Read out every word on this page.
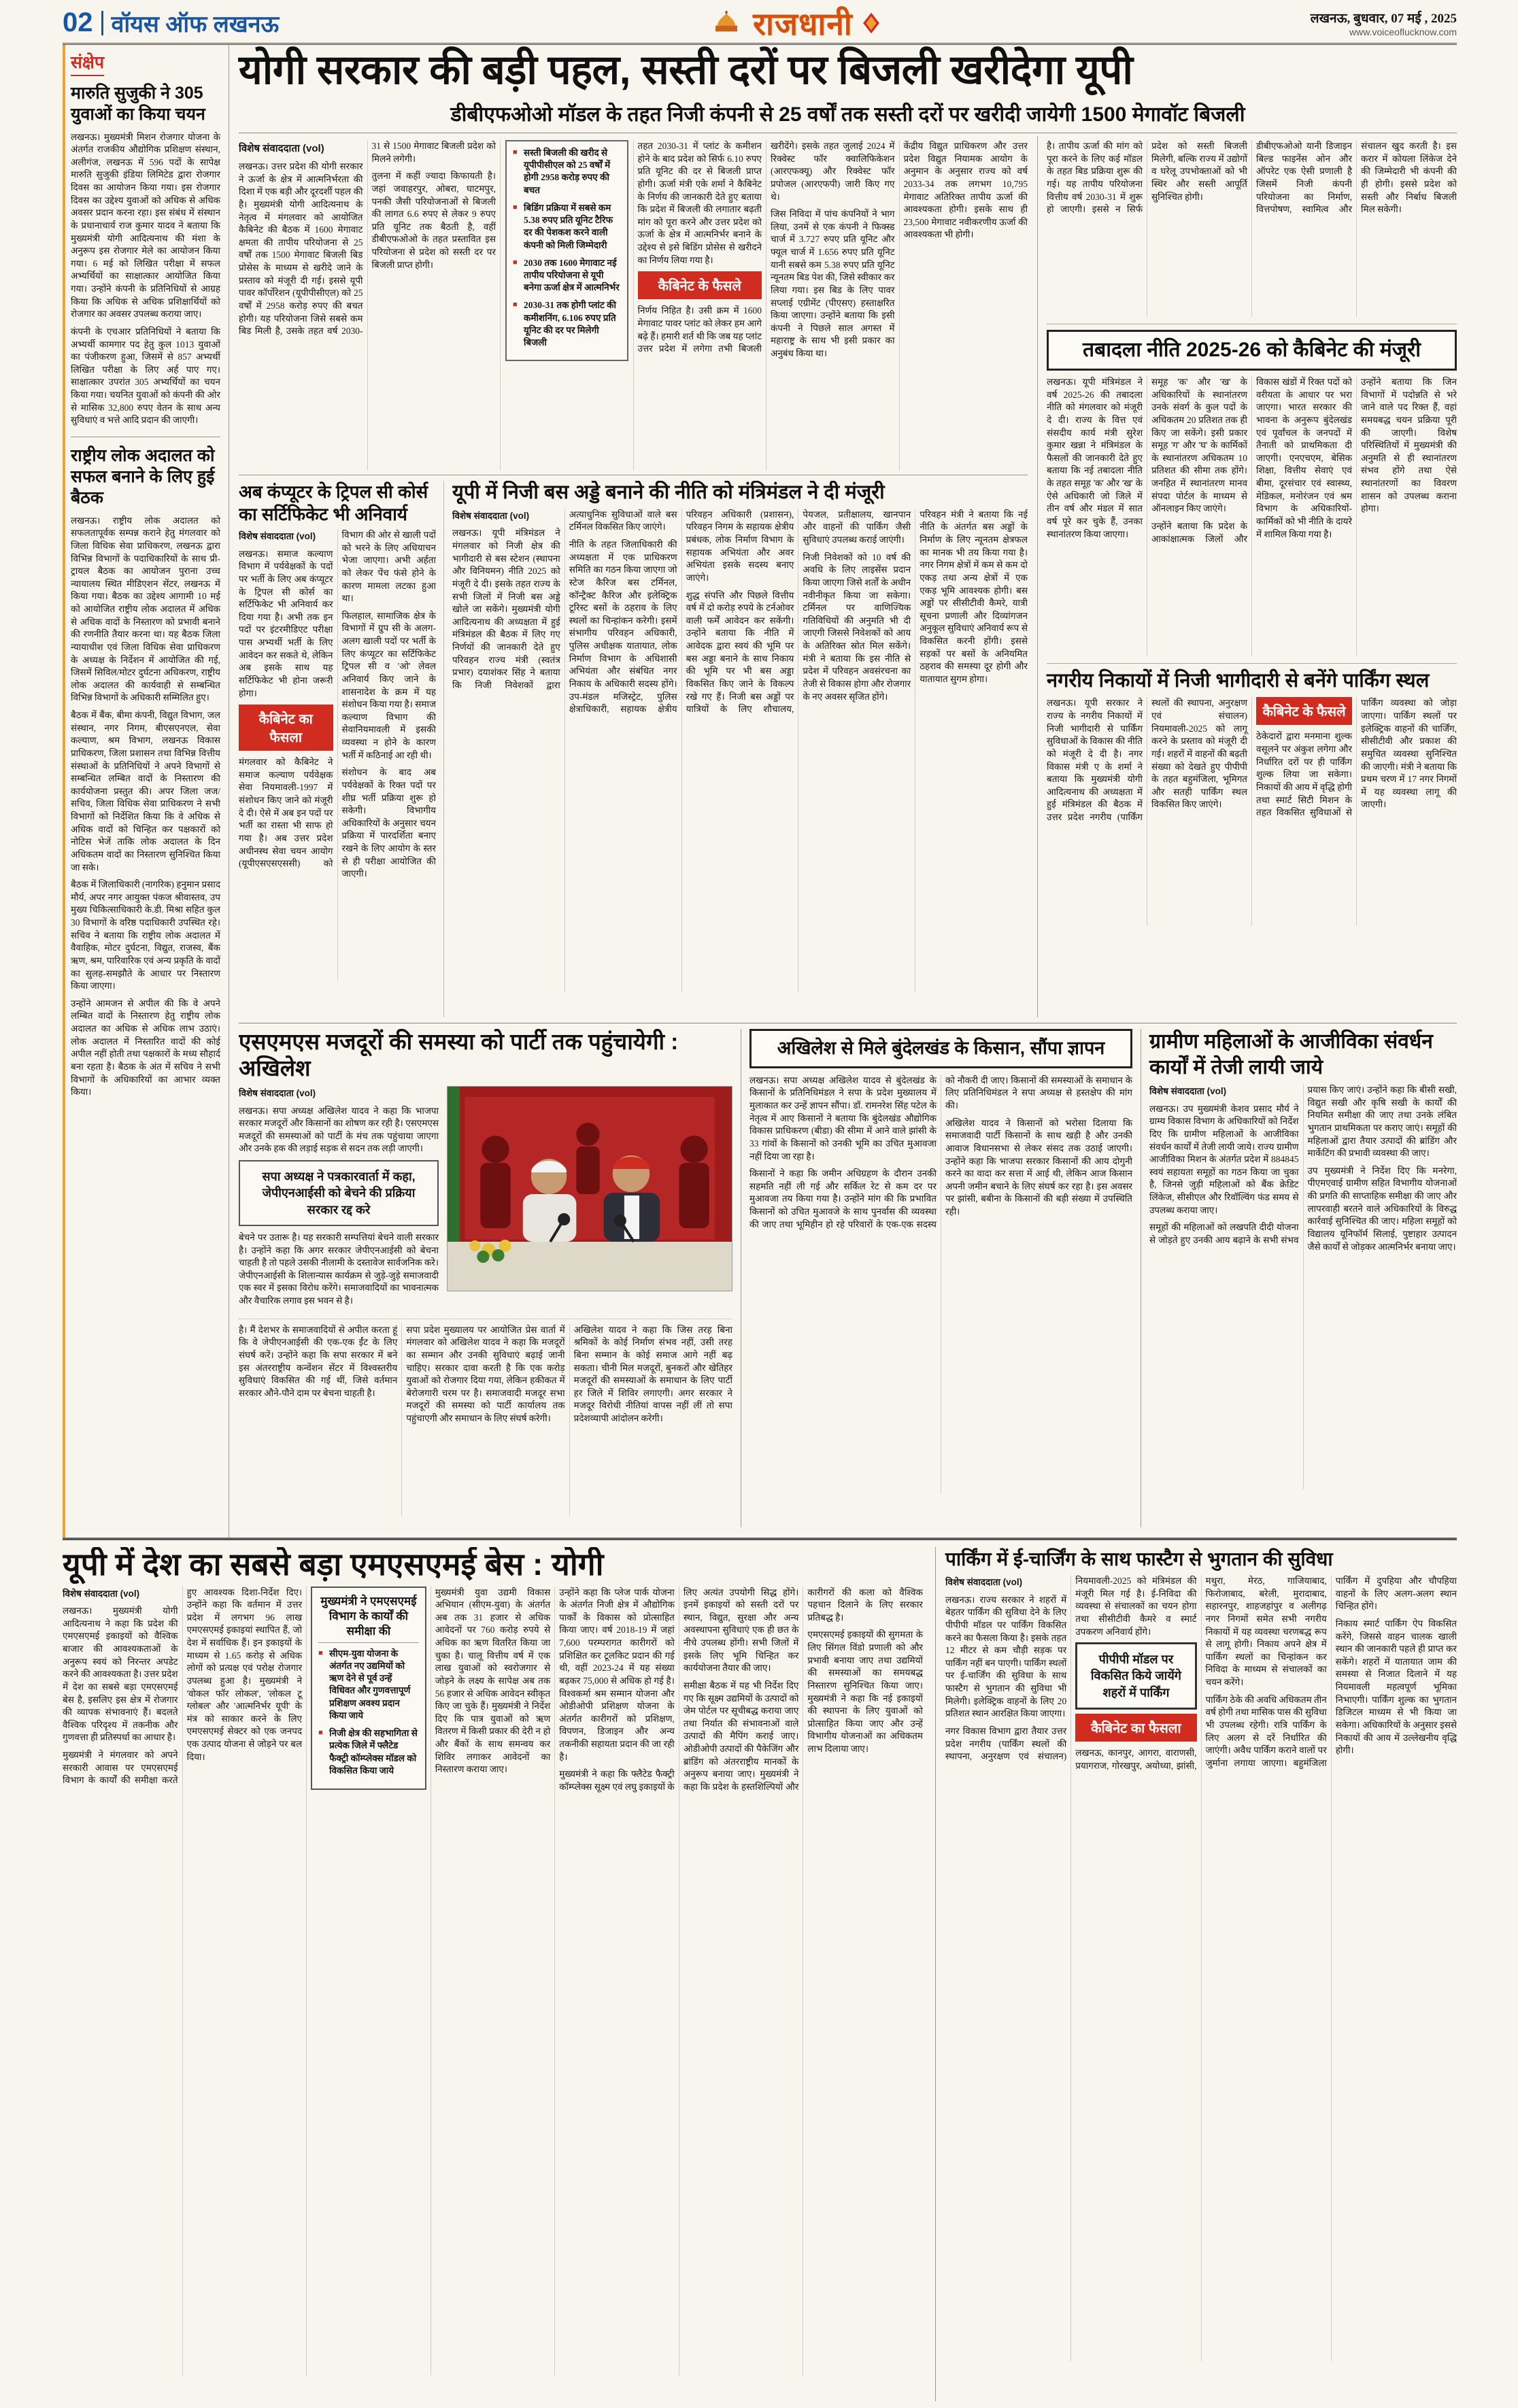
02 वॉयस ऑफ लखनऊ	राजधानी	लखनऊ, बुधवार, 07 मई , 2025
www.voiceoflucknow.com
संक्षेप
मारुति सुजुकी ने 305 युवाओं का किया चयन

लखनऊ। मुख्यमंत्री मिशन रोजगार योजना के अंतर्गत राजकीय औद्योगिक प्रशिक्षण संस्थान, अलीगंज, लखनऊ में 596 पदों के सापेक्ष मारुति सुजुकी इंडिया लिमिटेड द्वारा रोजगार दिवस का आयोजन किया गया। इस रोजगार दिवस का उद्देश्य युवाओं को अधिक से अधिक अवसर प्रदान करना रहा। इस संबंध में संस्थान के प्रधानाचार्य राज कुमार यादव ने बताया कि मुख्यमंत्री योगी आदित्यनाथ की मंशा के अनुरूप इस रोजगार मेले का आयोजन किया गया। 6 मई को लिखित परीक्षा में सफल अभ्यर्थियों का साक्षात्कार आयोजित किया गया। उन्होंने कंपनी के प्रतिनिधियों से आग्रह किया कि अधिक से अधिक प्रशिक्षार्थियों को रोजगार का अवसर उपलब्ध कराया जाए।

कंपनी के एचआर प्रतिनिधियों ने बताया कि अभ्यर्थी कामगार पद हेतु कुल 1013 युवाओं का पंजीकरण हुआ, जिसमें से 857 अभ्यर्थी लिखित परीक्षा के लिए अर्ह पाए गए। साक्षात्कार उपरांत 305 अभ्यर्थियों का चयन किया गया। चयनित युवाओं को कंपनी की ओर से मासिक 32,800 रुपए वेतन के साथ अन्य सुविधाएं व भत्ते आदि प्रदान की जाएगी।

राष्ट्रीय लोक अदालत को सफल बनाने के लिए हुई बैठक

लखनऊ। राष्ट्रीय लोक अदालत को सफलतापूर्वक सम्पन्न कराने हेतु मंगलवार को जिला विधिक सेवा प्राधिकरण, लखनऊ द्वारा विभिन्न विभागों के पदाधिकारियों के साथ प्री-ट्रायल बैठक का आयोजन पुराना उच्च न्यायालय स्थित मीडिएशन सेंटर, लखनऊ में किया गया। बैठक का उद्देश्य आगामी 10 मई को आयोजित राष्ट्रीय लोक अदालत में अधिक से अधिक वादों के निस्तारण को प्रभावी बनाने की रणनीति तैयार करना था। यह बैठक जिला न्यायाधीश एवं जिला विधिक सेवा प्राधिकरण के अध्यक्ष के निर्देशन में आयोजित की गई, जिसमें सिविल/मोटर दुर्घटना अधिकरण, राष्ट्रीय लोक अदालत की कार्यवाही से सम्बन्धित विभिन्न विभागों के अधिकारी सम्मिलित हुए।

बैठक में बैंक, बीमा कंपनी, विद्युत विभाग, जल संस्थान, नगर निगम, बीएसएनएल, सेवा कल्याण, श्रम विभाग, लखनऊ विकास प्राधिकरण, जिला प्रशासन तथा विभिन्न वित्तीय संस्थाओं के प्रतिनिधियों ने अपने विभागों से सम्बन्धित लम्बित वादों के निस्तारण की कार्ययोजना प्रस्तुत की। अपर जिला जज/सचिव, जिला विधिक सेवा प्राधिकरण ने सभी विभागों को निर्देशित किया कि वे अधिक से अधिक वादों को चिन्हित कर पक्षकारों को नोटिस भेजें ताकि लोक अदालत के दिन अधिकतम वादों का निस्तारण सुनिश्चित किया जा सके।

बैठक में जिलाधिकारी (नागरिक) हनुमान प्रसाद मौर्य, अपर नगर आयुक्त पंकज श्रीवास्तव, उप मुख्य चिकित्साधिकारी के.डी. मिश्रा सहित कुल 30 विभागों के वरिष्ठ पदाधिकारी उपस्थित रहे। सचिव ने बताया कि राष्ट्रीय लोक अदालत में वैवाहिक, मोटर दुर्घटना, विद्युत, राजस्व, बैंक ऋण, श्रम, पारिवारिक एवं अन्य प्रकृति के वादों का सुलह-समझौते के आधार पर निस्तारण किया जाएगा।

उन्होंने आमजन से अपील की कि वे अपने लम्बित वादों के निस्तारण हेतु राष्ट्रीय लोक अदालत का अधिक से अधिक लाभ उठाएं। लोक अदालत में निस्तारित वादों की कोई अपील नहीं होती तथा पक्षकारों के मध्य सौहार्द बना रहता है। बैठक के अंत में सचिव ने सभी विभागों के अधिकारियों का आभार व्यक्त किया।

योगी सरकार की बड़ी पहल, सस्ती दरों पर बिजली खरीदेगा यूपी
डीबीएफओओ मॉडल के तहत निजी कंपनी से 25 वर्षों तक सस्ती दरों पर खरीदी जायेगी 1500 मेगावॉट बिजली

विशेष संवाददाता (vol)

लखनऊ। उत्तर प्रदेश की योगी सरकार ने ऊर्जा के क्षेत्र में आत्मनिर्भरता की दिशा में एक बड़ी और दूरदर्शी पहल की है। मुख्यमंत्री योगी आदित्यनाथ के नेतृत्व में मंगलवार को आयोजित कैबिनेट की बैठक में 1600 मेगावाट क्षमता की तापीय परियोजना से 25 वर्षों तक 1500 मेगावाट बिजली बिड प्रोसेस के माध्यम से खरीदे जाने के प्रस्ताव को मंजूरी दी गई। इससे यूपी पावर कॉर्पोरेशन (यूपीपीसीएल) को 25 वर्षों में 2958 करोड़ रुपए की बचत होगी। यह परियोजना जिसे सबसे कम बिड मिली है, उसके तहत वर्ष 2030-31 से 1500 मेगावाट बिजली प्रदेश को मिलने लगेगी।

तुलना में कहीं ज्यादा किफायती है। जहां जवाहरपुर, ओबरा, घाटमपुर, पनकी जैसी परियोजनाओं से बिजली की लागत 6.6 रुपए से लेकर 9 रुपए प्रति यूनिट तक बैठती है, वहीं डीबीएफओओ के तहत प्रस्तावित इस परियोजना से प्रदेश को सस्ती दर पर बिजली प्राप्त होगी।

■ सस्ती बिजली की खरीद से यूपीपीसीएल को 25 वर्षों में होगी 2958 करोड़ रुपए की बचत

■ बिडिंग प्रक्रिया में सबसे कम 5.38 रुपए प्रति यूनिट टैरिफ दर की पेशकश करने वाली कंपनी को मिली जिम्मेदारी

■ 2030 तक 1600 मेगावाट नई तापीय परियोजना से यूपी बनेगा ऊर्जा क्षेत्र में आत्मनिर्भर

■ 2030-31 तक होगी प्लांट की कमीशनिंग, 6.106 रुपए प्रति यूनिट की दर पर मिलेगी बिजली

तहत 2030-31 में प्लांट के कमीशन होने के बाद प्रदेश को सिर्फ 6.10 रुपए प्रति यूनिट की दर से बिजली प्राप्त होगी। ऊर्जा मंत्री एके शर्मा ने कैबिनेट के निर्णय की जानकारी देते हुए बताया कि प्रदेश में बिजली की लगातार बढ़ती मांग को पूरा करने और उत्तर प्रदेश को ऊर्जा के क्षेत्र में आत्मनिर्भर बनाने के उद्देश्य से इसे बिडिंग प्रोसेस से खरीदने का निर्णय लिया गया है।

कैबिनेट के फैसले

निर्णय निहित है। उसी क्रम में 1600 मेगावाट पावर प्लांट को लेकर हम आगे बढ़े हैं। हमारी शर्त थी कि जब यह प्लांट उत्तर प्रदेश में लगेगा तभी बिजली खरीदेंगे। इसके तहत जुलाई 2024 में रिक्वेस्ट फॉर क्वालिफिकेशन (आरएफक्यू) और रिक्वेस्ट फॉर प्रपोजल (आरएफपी) जारी किए गए थे।

जिस निविदा में पांच कंपनियों ने भाग लिया, उनमें से एक कंपनी ने फिक्स्ड चार्ज में 3.727 रुपए प्रति यूनिट और फ्यूल चार्ज में 1.656 रुपए प्रति यूनिट यानी सबसे कम 5.38 रुपए प्रति यूनिट न्यूनतम बिड पेश की, जिसे स्वीकार कर लिया गया। इस बिड के लिए पावर सप्लाई एग्रीमेंट (पीएसए) हस्ताक्षरित किया जाएगा। उन्होंने बताया कि इसी कंपनी ने पिछले साल अगस्त में महाराष्ट्र के साथ भी इसी प्रकार का अनुबंध किया था।

केंद्रीय विद्युत प्राधिकरण और उत्तर प्रदेश विद्युत नियामक आयोग के अनुमान के अनुसार राज्य को वर्ष 2033-34 तक लगभग 10,795 मेगावाट अतिरिक्त तापीय ऊर्जा की आवश्यकता होगी। इसके साथ ही 23,500 मेगावाट नवीकरणीय ऊर्जा की आवश्यकता भी होगी।

अब कंप्यूटर के ट्रिपल सी कोर्स का सर्टिफिकेट भी अनिवार्य

विशेष संवाददाता (vol)

लखनऊ। समाज कल्याण विभाग में पर्यवेक्षकों के पदों पर भर्ती के लिए अब कंप्यूटर के ट्रिपल सी कोर्स का सर्टिफिकेट भी अनिवार्य कर दिया गया है। अभी तक इन पदों पर इंटरमीडिएट परीक्षा पास अभ्यर्थी भर्ती के लिए आवेदन कर सकते थे, लेकिन अब इसके साथ यह सर्टिफिकेट भी होना जरूरी होगा।

कैबिनेट का फैसला

मंगलवार को कैबिनेट ने समाज कल्याण पर्यवेक्षक सेवा नियमावली-1997 में संशोधन किए जाने को मंजूरी दे दी। ऐसे में अब इन पदों पर भर्ती का रास्ता भी साफ हो गया है। अब उत्तर प्रदेश अधीनस्थ सेवा चयन आयोग (यूपीएसएसएससी) को विभाग की ओर से खाली पदों को भरने के लिए अधियाचन भेजा जाएगा। अभी अर्हता को लेकर पेंच फंसे होने के कारण मामला लटका हुआ था।

फिलहाल, सामाजिक क्षेत्र के विभागों में ग्रुप सी के अलग-अलग खाली पदों पर भर्ती के लिए कंप्यूटर का सर्टिफिकेट ट्रिपल सी व 'ओ' लेवल अनिवार्य किए जाने के शासनादेश के क्रम में यह संशोधन किया गया है। समाज कल्याण विभाग की सेवानियमावली में इसकी व्यवस्था न होने के कारण भर्ती में कठिनाई आ रही थी।

संशोधन के बाद अब पर्यवेक्षकों के रिक्त पदों पर शीघ्र भर्ती प्रक्रिया शुरू हो सकेगी। विभागीय अधिकारियों के अनुसार चयन प्रक्रिया में पारदर्शिता बनाए रखने के लिए आयोग के स्तर से ही परीक्षा आयोजित की जाएगी।

यूपी में निजी बस अड्डे बनाने की नीति को मंत्रिमंडल ने दी मंजूरी

विशेष संवाददाता (vol)

लखनऊ। यूपी मंत्रिमंडल ने मंगलवार को निजी क्षेत्र की भागीदारी से बस स्टेशन (स्थापना और विनियमन) नीति 2025 को मंजूरी दे दी। इसके तहत राज्य के सभी जिलों में निजी बस अड्डे खोले जा सकेंगे। मुख्यमंत्री योगी आदित्यनाथ की अध्यक्षता में हुई मंत्रिमंडल की बैठक में लिए गए निर्णयों की जानकारी देते हुए परिवहन राज्य मंत्री (स्वतंत्र प्रभार) दयाशंकर सिंह ने बताया कि निजी निवेशकों द्वारा अत्याधुनिक सुविधाओं वाले बस टर्मिनल विकसित किए जाएंगे।

नीति के तहत जिलाधिकारी की अध्यक्षता में एक प्राधिकरण समिति का गठन किया जाएगा जो स्टेज कैरिज बस टर्मिनल, कॉन्ट्रैक्ट कैरिज और इलेक्ट्रिक टूरिस्ट बसों के ठहराव के लिए स्थलों का चिन्हांकन करेगी। इसमें संभागीय परिवहन अधिकारी, पुलिस अधीक्षक यातायात, लोक निर्माण विभाग के अधिशासी अभियंता और संबंधित नगर निकाय के अधिकारी सदस्य होंगे। उप-मंडल मजिस्ट्रेट, पुलिस क्षेत्राधिकारी, सहायक क्षेत्रीय परिवहन अधिकारी (प्रशासन), परिवहन निगम के सहायक क्षेत्रीय प्रबंधक, लोक निर्माण विभाग के सहायक अभियंता और अवर अभियंता इसके सदस्य बनाए जाएंगे।

शुद्ध संपत्ति और पिछले वित्तीय वर्ष में दो करोड़ रुपये के टर्नओवर वाली फर्में आवेदन कर सकेंगी। उन्होंने बताया कि नीति में आवेदक द्वारा स्वयं की भूमि पर बस अड्डा बनाने के साथ निकाय की भूमि पर भी बस अड्डा विकसित किए जाने के विकल्प रखे गए हैं। निजी बस अड्डों पर यात्रियों के लिए शौचालय, पेयजल, प्रतीक्षालय, खानपान और वाहनों की पार्किंग जैसी सुविधाएं उपलब्ध कराई जाएंगी।

निजी निवेशकों को 10 वर्ष की अवधि के लिए लाइसेंस प्रदान किया जाएगा जिसे शर्तों के अधीन नवीनीकृत किया जा सकेगा। टर्मिनल पर वाणिज्यिक गतिविधियों की अनुमति भी दी जाएगी जिससे निवेशकों को आय के अतिरिक्त स्रोत मिल सकेंगे। मंत्री ने बताया कि इस नीति से प्रदेश में परिवहन अवसंरचना का तेजी से विकास होगा और रोजगार के नए अवसर सृजित होंगे।

परिवहन मंत्री ने बताया कि नई नीति के अंतर्गत बस अड्डों के निर्माण के लिए न्यूनतम क्षेत्रफल का मानक भी तय किया गया है। नगर निगम क्षेत्रों में कम से कम दो एकड़ तथा अन्य क्षेत्रों में एक एकड़ भूमि आवश्यक होगी। बस अड्डों पर सीसीटीवी कैमरे, यात्री सूचना प्रणाली और दिव्यांगजन अनुकूल सुविधाएं अनिवार्य रूप से विकसित करनी होंगी। इससे सड़कों पर बसों के अनियमित ठहराव की समस्या दूर होगी और यातायात सुगम होगा।

है। तापीय ऊर्जा की मांग को पूरा करने के लिए कई मॉडल के तहत बिड प्रक्रिया शुरू की गई। यह तापीय परियोजना वित्तीय वर्ष 2030-31 में शुरू हो जाएगी। इससे न सिर्फ प्रदेश को सस्ती बिजली मिलेगी, बल्कि राज्य में उद्योगों व घरेलू उपभोक्ताओं को भी स्थिर और सस्ती आपूर्ति सुनिश्चित होगी।

डीबीएफओओ यानी डिजाइन बिल्ड फाइनेंस ओन और ऑपरेट एक ऐसी प्रणाली है जिसमें निजी कंपनी परियोजना का निर्माण, वित्तपोषण, स्वामित्व और संचालन खुद करती है। इस करार में कोयला लिंकेज देने की जिम्मेदारी भी कंपनी की ही होगी। इससे प्रदेश को सस्ती और निर्बाध बिजली मिल सकेगी।

तबादला नीति 2025-26 को कैबिनेट की मंजूरी

लखनऊ। यूपी मंत्रिमंडल ने वर्ष 2025-26 की तबादला नीति को मंगलवार को मंजूरी दे दी। राज्य के वित्त एवं संसदीय कार्य मंत्री सुरेश कुमार खन्ना ने मंत्रिमंडल के फैसलों की जानकारी देते हुए बताया कि नई तबादला नीति के तहत समूह 'क' और 'ख' के ऐसे अधिकारी जो जिले में तीन वर्ष और मंडल में सात वर्ष पूरे कर चुके हैं, उनका स्थानांतरण किया जाएगा।

समूह 'क' और 'ख' के अधिकारियों के स्थानांतरण उनके संवर्ग के कुल पदों के अधिकतम 20 प्रतिशत तक ही किए जा सकेंगे। इसी प्रकार समूह 'ग' और 'घ' के कार्मिकों के स्थानांतरण अधिकतम 10 प्रतिशत की सीमा तक होंगे। जनहित में स्थानांतरण मानव संपदा पोर्टल के माध्यम से ऑनलाइन किए जाएंगे।

उन्होंने बताया कि प्रदेश के आकांक्षात्मक जिलों और विकास खंडों में रिक्त पदों को वरीयता के आधार पर भरा जाएगा। भारत सरकार की भावना के अनुरूप बुंदेलखंड एवं पूर्वांचल के जनपदों में तैनाती को प्राथमिकता दी जाएगी। एनएचएम, बेसिक शिक्षा, वित्तीय सेवाएं एवं बीमा, दूरसंचार एवं स्वास्थ्य, मेडिकल, मनोरंजन एवं श्रम विभाग के अधिकारियों-कार्मिकों को भी नीति के दायरे में शामिल किया गया है।

उन्होंने बताया कि जिन विभागों में पदोन्नति से भरे जाने वाले पद रिक्त हैं, वहां समयबद्ध चयन प्रक्रिया पूरी की जाएगी। विशेष परिस्थितियों में मुख्यमंत्री की अनुमति से ही स्थानांतरण संभव होंगे तथा ऐसे स्थानांतरणों का विवरण शासन को उपलब्ध कराना होगा।

नगरीय निकायों में निजी भागीदारी से बनेंगे पार्किंग स्थल

लखनऊ। यूपी सरकार ने राज्य के नगरीय निकायों में निजी भागीदारी से पार्किंग सुविधाओं के विकास की नीति को मंजूरी दे दी है। नगर विकास मंत्री ए के शर्मा ने बताया कि मुख्यमंत्री योगी आदित्यनाथ की अध्यक्षता में हुई मंत्रिमंडल की बैठक में उत्तर प्रदेश नगरीय (पार्किंग स्थलों की स्थापना, अनुरक्षण एवं संचालन) नियमावली-2025 को लागू करने के प्रस्ताव को मंजूरी दी गई। शहरों में वाहनों की बढ़ती संख्या को देखते हुए पीपीपी के तहत बहुमंजिला, भूमिगत और सतही पार्किंग स्थल विकसित किए जाएंगे।

कैबिनेट के फैसले

ठेकेदारों द्वारा मनमाना शुल्क वसूलने पर अंकुश लगेगा और निर्धारित दरों पर ही पार्किंग शुल्क लिया जा सकेगा। निकायों की आय में वृद्धि होगी तथा स्मार्ट सिटी मिशन के तहत विकसित सुविधाओं से पार्किंग व्यवस्था को जोड़ा जाएगा। पार्किंग स्थलों पर इलेक्ट्रिक वाहनों की चार्जिंग, सीसीटीवी और प्रकाश की समुचित व्यवस्था सुनिश्चित की जाएगी। मंत्री ने बताया कि प्रथम चरण में 17 नगर निगमों में यह व्यवस्था लागू की जाएगी।

एसएमएस मजदूरों की समस्या को पार्टी तक पहुंचायेगी : अखिलेश

विशेष संवाददाता (vol)

लखनऊ। सपा अध्यक्ष अखिलेश यादव ने कहा कि भाजपा सरकार मजदूरों और किसानों का शोषण कर रही है। एसएमएस मजदूरों की समस्याओं को पार्टी के मंच तक पहुंचाया जाएगा और उनके हक की लड़ाई सड़क से सदन तक लड़ी जाएगी।

सपा अध्यक्ष ने पत्रकारवार्ता में कहा, जेपीएनआईसी को बेचने की प्रक्रिया सरकार रद्द करे

बेचने पर उतारू है। यह सरकारी सम्पत्तियां बेचने वाली सरकार है। उन्होंने कहा कि अगर सरकार जेपीएनआईसी को बेचना चाहती है तो पहले उसकी नीलामी के दस्तावेज सार्वजनिक करे। जेपीएनआईसी के शिलान्यास कार्यक्रम से जुड़े-जुड़े समाजवादी एक स्वर में इसका विरोध करेंगे। समाजवादियों का भावनात्मक और वैचारिक लगाव इस भवन से है।

है। मैं देशभर के समाजवादियों से अपील करता हूं कि वे जेपीएनआईसी की एक-एक ईंट के लिए संघर्ष करें। उन्होंने कहा कि सपा सरकार में बने इस अंतरराष्ट्रीय कन्वेंशन सेंटर में विश्वस्तरीय सुविधाएं विकसित की गई थीं, जिसे वर्तमान सरकार औने-पौने दाम पर बेचना चाहती है।

सपा प्रदेश मुख्यालय पर आयोजित प्रेस वार्ता में मंगलवार को अखिलेश यादव ने कहा कि मजदूरों का सम्मान और उनकी सुविधाएं बढ़ाई जानी चाहिए। सरकार दावा करती है कि एक करोड़ युवाओं को रोजगार दिया गया, लेकिन हकीकत में बेरोजगारी चरम पर है। समाजवादी मजदूर सभा मजदूरों की समस्या को पार्टी कार्यालय तक पहुंचाएगी और समाधान के लिए संघर्ष करेगी।

अखिलेश यादव ने कहा कि जिस तरह बिना श्रमिकों के कोई निर्माण संभव नहीं, उसी तरह बिना सम्मान के कोई समाज आगे नहीं बढ़ सकता। चीनी मिल मजदूरों, बुनकरों और खेतिहर मजदूरों की समस्याओं के समाधान के लिए पार्टी हर जिले में शिविर लगाएगी। अगर सरकार ने मजदूर विरोधी नीतियां वापस नहीं लीं तो सपा प्रदेशव्यापी आंदोलन करेगी।

अखिलेश से मिले बुंदेलखंड के किसान, सौंपा ज्ञापन

लखनऊ। सपा अध्यक्ष अखिलेश यादव से बुंदेलखंड के किसानों के प्रतिनिधिमंडल ने सपा के प्रदेश मुख्यालय में मुलाकात कर उन्हें ज्ञापन सौंपा। डॉ. रामनरेश सिंह पटेल के नेतृत्व में आए किसानों ने बताया कि बुंदेलखंड औद्योगिक विकास प्राधिकरण (बीडा) की सीमा में आने वाले झांसी के 33 गांवों के किसानों को उनकी भूमि का उचित मुआवजा नहीं दिया जा रहा है।

किसानों ने कहा कि जमीन अधिग्रहण के दौरान उनकी सहमति नहीं ली गई और सर्किल रेट से कम दर पर मुआवजा तय किया गया है। उन्होंने मांग की कि प्रभावित किसानों को उचित मुआवजे के साथ पुनर्वास की व्यवस्था की जाए तथा भूमिहीन हो रहे परिवारों के एक-एक सदस्य को नौकरी दी जाए। किसानों की समस्याओं के समाधान के लिए प्रतिनिधिमंडल ने सपा अध्यक्ष से हस्तक्षेप की मांग की।

अखिलेश यादव ने किसानों को भरोसा दिलाया कि समाजवादी पार्टी किसानों के साथ खड़ी है और उनकी आवाज विधानसभा से लेकर संसद तक उठाई जाएगी। उन्होंने कहा कि भाजपा सरकार किसानों की आय दोगुनी करने का वादा कर सत्ता में आई थी, लेकिन आज किसान अपनी जमीन बचाने के लिए संघर्ष कर रहा है। इस अवसर पर झांसी, बबीना के किसानों की बड़ी संख्या में उपस्थिति रही।

ग्रामीण महिलाओं के आजीविका संवर्धन कार्यों में तेजी लायी जाये

विशेष संवाददाता (vol)

लखनऊ। उप मुख्यमंत्री केशव प्रसाद मौर्य ने ग्राम्य विकास विभाग के अधिकारियों को निर्देश दिए कि ग्रामीण महिलाओं के आजीविका संवर्धन कार्यों में तेजी लायी जाये। राज्य ग्रामीण आजीविका मिशन के अंतर्गत प्रदेश में 884845 स्वयं सहायता समूहों का गठन किया जा चुका है, जिनसे जुड़ी महिलाओं को बैंक क्रेडिट लिंकेज, सीसीएल और रिवॉल्विंग फंड समय से उपलब्ध कराया जाए।

समूहों की महिलाओं को लखपति दीदी योजना से जोड़ते हुए उनकी आय बढ़ाने के सभी संभव प्रयास किए जाएं। उन्होंने कहा कि बीसी सखी, विद्युत सखी और कृषि सखी के कार्यों की नियमित समीक्षा की जाए तथा उनके लंबित भुगतान प्राथमिकता पर कराए जाएं। समूहों की महिलाओं द्वारा तैयार उत्पादों की ब्रांडिंग और मार्केटिंग की प्रभावी व्यवस्था की जाए।

उप मुख्यमंत्री ने निर्देश दिए कि मनरेगा, पीएमएवाई ग्रामीण सहित विभागीय योजनाओं की प्रगति की साप्ताहिक समीक्षा की जाए और लापरवाही बरतने वाले अधिकारियों के विरुद्ध कार्रवाई सुनिश्चित की जाए। महिला समूहों को विद्यालय यूनिफॉर्म सिलाई, पुष्टाहार उत्पादन जैसे कार्यों से जोड़कर आत्मनिर्भर बनाया जाए।

यूपी में देश का सबसे बड़ा एमएसएमई बेस : योगी

विशेष संवाददाता (vol)

लखनऊ। मुख्यमंत्री योगी आदित्यनाथ ने कहा कि प्रदेश की एमएसएमई इकाइयों को वैश्विक बाजार की आवश्यकताओं के अनुरूप स्वयं को निरन्तर अपडेट करने की आवश्यकता है। उत्तर प्रदेश में देश का सबसे बड़ा एमएसएमई बेस है, इसलिए इस क्षेत्र में रोजगार की व्यापक संभावनाएं हैं। बदलते वैश्विक परिदृश्य में तकनीक और गुणवत्ता ही प्रतिस्पर्धा का आधार है।

मुख्यमंत्री ने मंगलवार को अपने सरकारी आवास पर एमएसएमई विभाग के कार्यों की समीक्षा करते हुए आवश्यक दिशा-निर्देश दिए। उन्होंने कहा कि वर्तमान में उत्तर प्रदेश में लगभग 96 लाख एमएसएमई इकाइयां स्थापित हैं, जो देश में सर्वाधिक हैं। इन इकाइयों के माध्यम से 1.65 करोड़ से अधिक लोगों को प्रत्यक्ष एवं परोक्ष रोजगार उपलब्ध हुआ है। मुख्यमंत्री ने 'वोकल फॉर लोकल', 'लोकल टू ग्लोबल' और 'आत्मनिर्भर यूपी' के मंत्र को साकार करने के लिए एमएसएमई सेक्टर को एक जनपद एक उत्पाद योजना से जोड़ने पर बल दिया।

मुख्यमंत्री ने एमएसएमई विभाग के कार्यों की समीक्षा की

■ सीएम-युवा योजना के अंतर्गत नए उद्यमियों को ऋण देने से पूर्व उन्हें विधिवत और गुणवत्तापूर्ण प्रशिक्षण अवश्य प्रदान किया जाये

■ निजी क्षेत्र की सहभागिता से प्रत्येक जिले में फ्लैटेड फैक्ट्री कॉम्प्लेक्स मॉडल को विकसित किया जाये

मुख्यमंत्री युवा उद्यमी विकास अभियान (सीएम-युवा) के अंतर्गत अब तक 31 हजार से अधिक आवेदनों पर 760 करोड़ रुपये से अधिक का ऋण वितरित किया जा चुका है। चालू वित्तीय वर्ष में एक लाख युवाओं को स्वरोजगार से जोड़ने के लक्ष्य के सापेक्ष अब तक 56 हजार से अधिक आवेदन स्वीकृत किए जा चुके हैं। मुख्यमंत्री ने निर्देश दिए कि पात्र युवाओं को ऋण वितरण में किसी प्रकार की देरी न हो और बैंकों के साथ समन्वय कर शिविर लगाकर आवेदनों का निस्तारण कराया जाए।

उन्होंने कहा कि प्लेज पार्क योजना के अंतर्गत निजी क्षेत्र में औद्योगिक पार्कों के विकास को प्रोत्साहित किया जाए। वर्ष 2018-19 में जहां 7,600 परम्परागत कारीगरों को प्रशिक्षित कर टूलकिट प्रदान की गई थी, वहीं 2023-24 में यह संख्या बढ़कर 75,000 से अधिक हो गई है। विश्वकर्मा श्रम सम्मान योजना और ओडीओपी प्रशिक्षण योजना के अंतर्गत कारीगरों को प्रशिक्षण, विपणन, डिजाइन और अन्य तकनीकी सहायता प्रदान की जा रही है।

मुख्यमंत्री ने कहा कि फ्लैटेड फैक्ट्री कॉम्प्लेक्स सूक्ष्म एवं लघु इकाइयों के लिए अत्यंत उपयोगी सिद्ध होंगे। इनमें इकाइयों को सस्ती दरों पर स्थान, विद्युत, सुरक्षा और अन्य अवस्थापना सुविधाएं एक ही छत के नीचे उपलब्ध होंगी। सभी जिलों में इसके लिए भूमि चिन्हित कर कार्ययोजना तैयार की जाए।

समीक्षा बैठक में यह भी निर्देश दिए गए कि सूक्ष्म उद्यमियों के उत्पादों को जेम पोर्टल पर सूचीबद्ध कराया जाए तथा निर्यात की संभावनाओं वाले उत्पादों की मैपिंग कराई जाए। ओडीओपी उत्पादों की पैकेजिंग और ब्रांडिंग को अंतरराष्ट्रीय मानकों के अनुरूप बनाया जाए। मुख्यमंत्री ने कहा कि प्रदेश के हस्तशिल्पियों और कारीगरों की कला को वैश्विक पहचान दिलाने के लिए सरकार प्रतिबद्ध है।

एमएसएमई इकाइयों की सुगमता के लिए सिंगल विंडो प्रणाली को और प्रभावी बनाया जाए तथा उद्यमियों की समस्याओं का समयबद्ध निस्तारण सुनिश्चित किया जाए। मुख्यमंत्री ने कहा कि नई इकाइयों की स्थापना के लिए युवाओं को प्रोत्साहित किया जाए और उन्हें विभागीय योजनाओं का अधिकतम लाभ दिलाया जाए।

पार्किंग में ई-चार्जिंग के साथ फास्टैग से भुगतान की सुविधा

विशेष संवाददाता (vol)

लखनऊ। राज्य सरकार ने शहरों में बेहतर पार्किंग की सुविधा देने के लिए पीपीपी मॉडल पर पार्किंग विकसित करने का फैसला किया है। इसके तहत 12 मीटर से कम चौड़ी सड़क पर पार्किंग नहीं बन पाएगी। पार्किंग स्थलों पर ई-चार्जिंग की सुविधा के साथ फास्टैग से भुगतान की सुविधा भी मिलेगी। इलेक्ट्रिक वाहनों के लिए 20 प्रतिशत स्थान आरक्षित किया जाएगा।

नगर विकास विभाग द्वारा तैयार उत्तर प्रदेश नगरीय (पार्किंग स्थलों की स्थापना, अनुरक्षण एवं संचालन) नियमावली-2025 को मंत्रिमंडल की मंजूरी मिल गई है। ई-निविदा की व्यवस्था से संचालकों का चयन होगा तथा सीसीटीवी कैमरे व स्मार्ट उपकरण अनिवार्य होंगे।

पीपीपी मॉडल पर विकसित किये जायेंगे शहरों में पार्किंग
कैबिनेट का फैसला

लखनऊ, कानपुर, आगरा, वाराणसी, प्रयागराज, गोरखपुर, अयोध्या, झांसी, मथुरा, मेरठ, गाजियाबाद, फिरोजाबाद, बरेली, मुरादाबाद, सहारनपुर, शाहजहांपुर व अलीगढ़ नगर निगमों समेत सभी नगरीय निकायों में यह व्यवस्था चरणबद्ध रूप से लागू होगी। निकाय अपने क्षेत्र में पार्किंग स्थलों का चिन्हांकन कर निविदा के माध्यम से संचालकों का चयन करेंगे।

पार्किंग ठेके की अवधि अधिकतम तीन वर्ष होगी तथा मासिक पास की सुविधा भी उपलब्ध रहेगी। रात्रि पार्किंग के लिए अलग से दरें निर्धारित की जाएंगी। अवैध पार्किंग कराने वालों पर जुर्माना लगाया जाएगा। बहुमंजिला पार्किंग में दुपहिया और चौपहिया वाहनों के लिए अलग-अलग स्थान चिन्हित होंगे।

निकाय स्मार्ट पार्किंग ऐप विकसित करेंगे, जिससे वाहन चालक खाली स्थान की जानकारी पहले ही प्राप्त कर सकेंगे। शहरों में यातायात जाम की समस्या से निजात दिलाने में यह नियमावली महत्वपूर्ण भूमिका निभाएगी। पार्किंग शुल्क का भुगतान डिजिटल माध्यम से भी किया जा सकेगा। अधिकारियों के अनुसार इससे निकायों की आय में उल्लेखनीय वृद्धि होगी।
